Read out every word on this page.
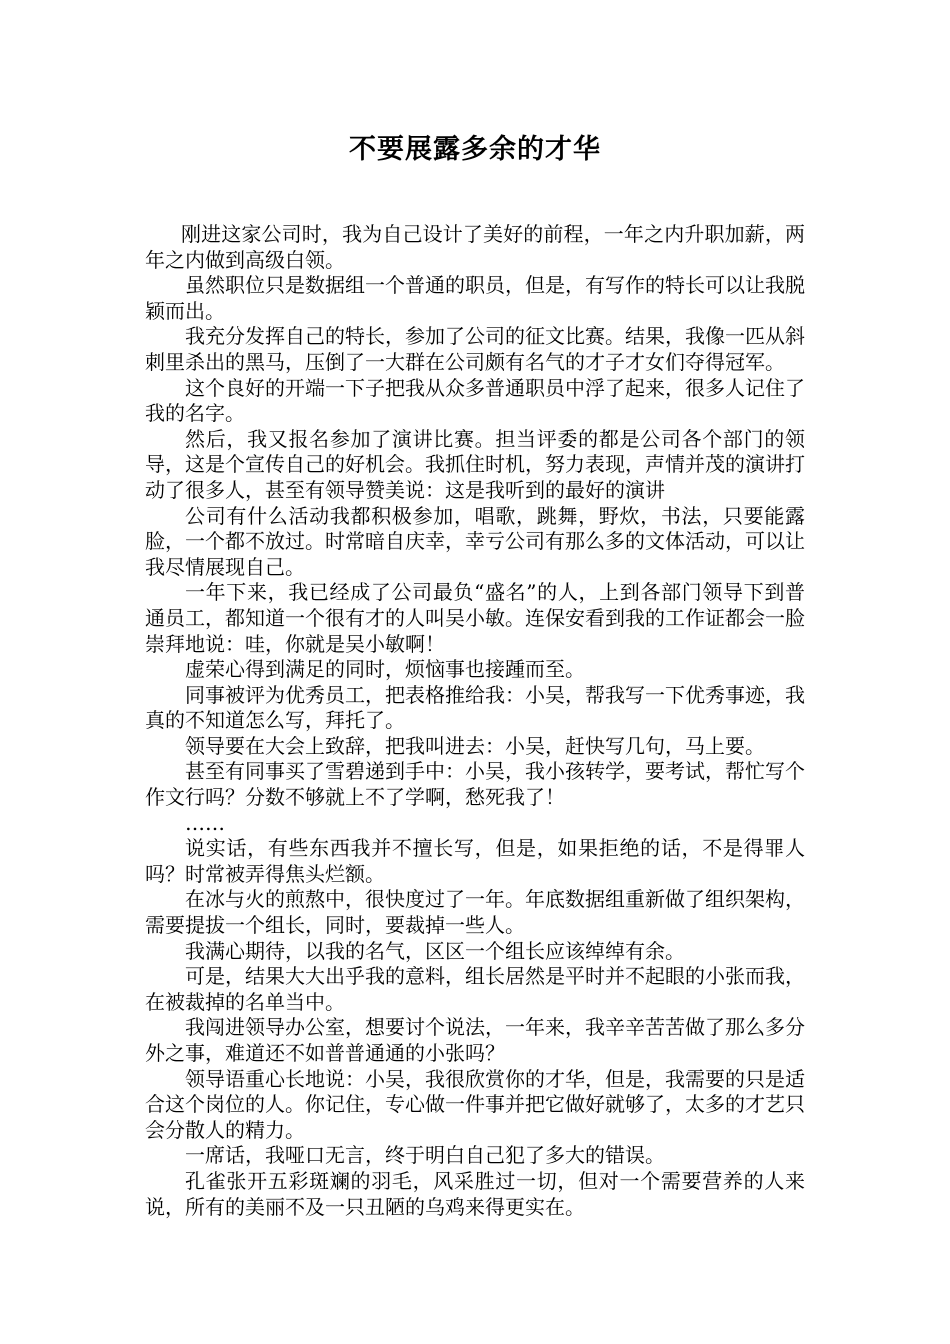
不要展露多余的才华

刚进这家公司时，我为自己设计了美好的前程，一年之内升职加薪，两年之内做到高级白领。

虽然职位只是数据组一个普通的职员，但是，有写作的特长可以让我脱颖而出。

我充分发挥自己的特长，参加了公司的征文比赛。结果，我像一匹从斜刺里杀出的黑马，压倒了一大群在公司颇有名气的才子才女们夺得冠军。

这个良好的开端一下子把我从众多普通职员中浮了起来，很多人记住了我的名字。

然后，我又报名参加了演讲比赛。担当评委的都是公司各个部门的领导，这是个宣传自己的好机会。我抓住时机，努力表现，声情并茂的演讲打动了很多人，甚至有领导赞美说：这是我听到的最好的演讲

公司有什么活动我都积极参加，唱歌，跳舞，野炊，书法，只要能露脸，一个都不放过。时常暗自庆幸，幸亏公司有那么多的文体活动，可以让我尽情展现自己。

一年下来，我已经成了公司最负“盛名”的人，上到各部门领导下到普通员工，都知道一个很有才的人叫吴小敏。连保安看到我的工作证都会一脸崇拜地说：哇，你就是吴小敏啊！

虚荣心得到满足的同时，烦恼事也接踵而至。

同事被评为优秀员工，把表格推给我：小吴，帮我写一下优秀事迹，我真的不知道怎么写，拜托了。

领导要在大会上致辞，把我叫进去：小吴，赶快写几句，马上要。

甚至有同事买了雪碧递到手中：小吴，我小孩转学，要考试，帮忙写个作文行吗？分数不够就上不了学啊，愁死我了！

……

说实话，有些东西我并不擅长写，但是，如果拒绝的话，不是得罪人吗？时常被弄得焦头烂额。

在冰与火的煎熬中，很快度过了一年。年底数据组重新做了组织架构，需要提拔一个组长，同时，要裁掉一些人。

我满心期待，以我的名气，区区一个组长应该绰绰有余。

可是，结果大大出乎我的意料，组长居然是平时并不起眼的小张而我，在被裁掉的名单当中。

我闯进领导办公室，想要讨个说法，一年来，我辛辛苦苦做了那么多分外之事，难道还不如普普通通的小张吗？

领导语重心长地说：小吴，我很欣赏你的才华，但是，我需要的只是适合这个岗位的人。你记住，专心做一件事并把它做好就够了，太多的才艺只会分散人的精力。

一席话，我哑口无言，终于明白自己犯了多大的错误。

孔雀张开五彩斑斓的羽毛，风采胜过一切，但对一个需要营养的人来说，所有的美丽不及一只丑陋的乌鸡来得更实在。
